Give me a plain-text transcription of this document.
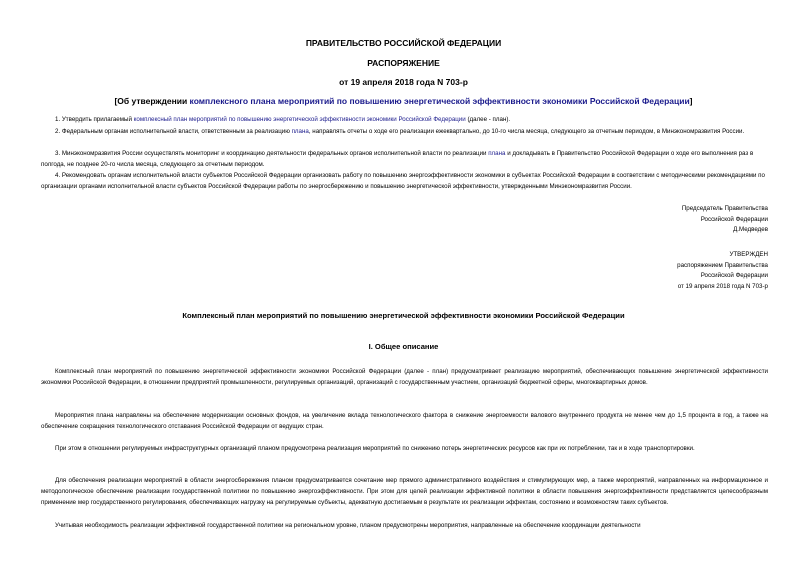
ПРАВИТЕЛЬСТВО РОССИЙСКОЙ ФЕДЕРАЦИИ
РАСПОРЯЖЕНИЕ
от 19 апреля 2018 года N 703-р
[Об утверждении комплексного плана мероприятий по повышению энергетической эффективности экономики Российской Федерации]
1. Утвердить прилагаемый комплексный план мероприятий по повышению энергетической эффективности экономики Российской Федерации (далее - план).
2. Федеральным органам исполнительной власти, ответственным за реализацию плана, направлять отчеты о ходе его реализации ежеквартально, до 10-го числа месяца, следующего за отчетным периодом, в Минэкономразвития России.
3. Минэкономразвития России осуществлять мониторинг и координацию деятельности федеральных органов исполнительной власти по реализации плана и докладывать в Правительство Российской Федерации о ходе его выполнения раз в полгода, не позднее 20-го числа месяца, следующего за отчетным периодом.
4. Рекомендовать органам исполнительной власти субъектов Российской Федерации организовать работу по повышению энергоэффективности экономики в субъектах Российской Федерации в соответствии с методическими рекомендациями по организации органами исполнительной власти субъектов Российской Федерации работы по энергосбережению и повышению энергетической эффективности, утвержденными Минэкономразвития России.
Председатель Правительства
Российской Федерации
Д.Медведев
УТВЕРЖДЕН
распоряжением Правительства
Российской Федерации
от 19 апреля 2018 года N 703-р
Комплексный план мероприятий по повышению энергетической эффективности экономики Российской Федерации
I. Общее описание
Комплексный план мероприятий по повышению энергетической эффективности экономики Российской Федерации (далее - план) предусматривает реализацию мероприятий, обеспечивающих повышение энергетической эффективности экономики Российской Федерации, в отношении предприятий промышленности, регулируемых организаций, организаций с государственным участием, организаций бюджетной сферы, многоквартирных домов.
Мероприятия плана направлены на обеспечение модернизации основных фондов, на увеличение вклада технологического фактора в снижение энергоемкости валового внутреннего продукта не менее чем до 1,5 процента в год, а также на обеспечение сокращения технологического отставания Российской Федерации от ведущих стран.
При этом в отношении регулируемых инфраструктурных организаций планом предусмотрена реализация мероприятий по снижению потерь энергетических ресурсов как при их потреблении, так и в ходе транспортировки.
Для обеспечения реализации мероприятий в области энергосбережения планом предусматривается сочетание мер прямого административного воздействия и стимулирующих мер, а также мероприятий, направленных на информационное и методологическое обеспечение реализации государственной политики по повышению энергоэффективности. При этом для целей реализации эффективной политики в области повышения энергоэффективности представляется целесообразным применение мер государственного регулирования, обеспечивающих нагрузку на регулируемые субъекты, адекватную достигаемым в результате их реализации эффектам, состоянию и возможностям таких субъектов.
Учитывая необходимость реализации эффективной государственной политики на региональном уровне, планом предусмотрены мероприятия, направленные на обеспечение координации деятельности
